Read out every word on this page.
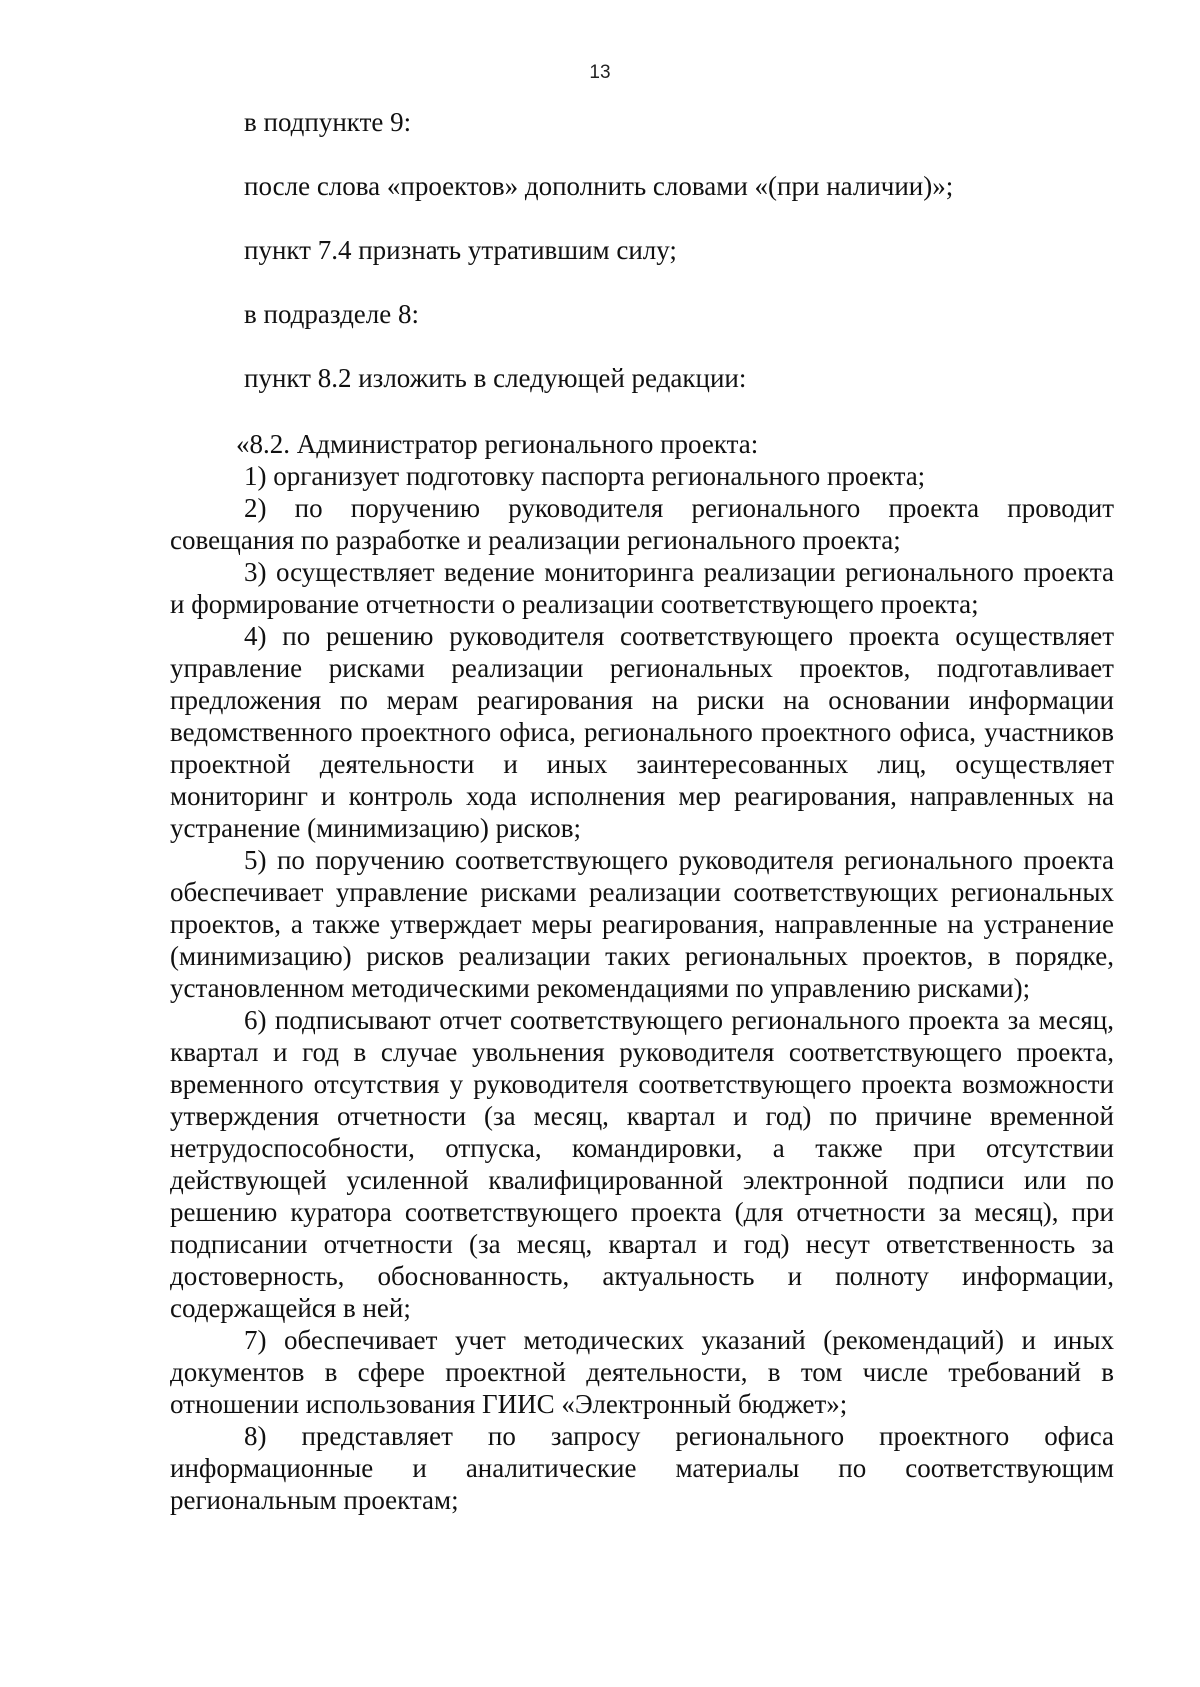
13

в подпункте 9:

после слова «проектов» дополнить словами «(при наличии)»;

пункт 7.4 признать утратившим силу;

в подразделе 8:

пункт 8.2 изложить в следующей редакции:

«8.2. Администратор регионального проекта:

1) организует подготовку паспорта регионального проекта;

2) по поручению руководителя регионального проекта проводит совещания по разработке и реализации регионального проекта;

3) осуществляет ведение мониторинга реализации регионального проекта и формирование отчетности о реализации соответствующего проекта;

4) по решению руководителя соответствующего проекта осуществляет управление рисками реализации региональных проектов, подготавливает предложения по мерам реагирования на риски на основании информации ведомственного проектного офиса, регионального проектного офиса, участников проектной деятельности и иных заинтересованных лиц, осуществляет мониторинг и контроль хода исполнения мер реагирования, направленных на устранение (минимизацию) рисков;

5) по поручению соответствующего руководителя регионального проекта обеспечивает управление рисками реализации соответствующих региональных проектов, а также утверждает меры реагирования, направленные на устранение (минимизацию) рисков реализации таких региональных проектов, в порядке, установленном методическими рекомендациями по управлению рисками);

6) подписывают отчет соответствующего регионального проекта за месяц, квартал и год в случае увольнения руководителя соответствующего проекта, временного отсутствия у руководителя соответствующего проекта возможности утверждения отчетности (за месяц, квартал и год) по причине временной нетрудоспособности, отпуска, командировки, а также при отсутствии действующей усиленной квалифицированной электронной подписи или по решению куратора соответствующего проекта (для отчетности за месяц), при подписании отчетности (за месяц, квартал и год) несут ответственность за достоверность, обоснованность, актуальность и полноту информации, содержащейся в ней;

7) обеспечивает учет методических указаний (рекомендаций) и иных документов в сфере проектной деятельности, в том числе требований в отношении использования ГИИС «Электронный бюджет»;

8) представляет по запросу регионального проектного офиса информационные и аналитические материалы по соответствующим региональным проектам;
